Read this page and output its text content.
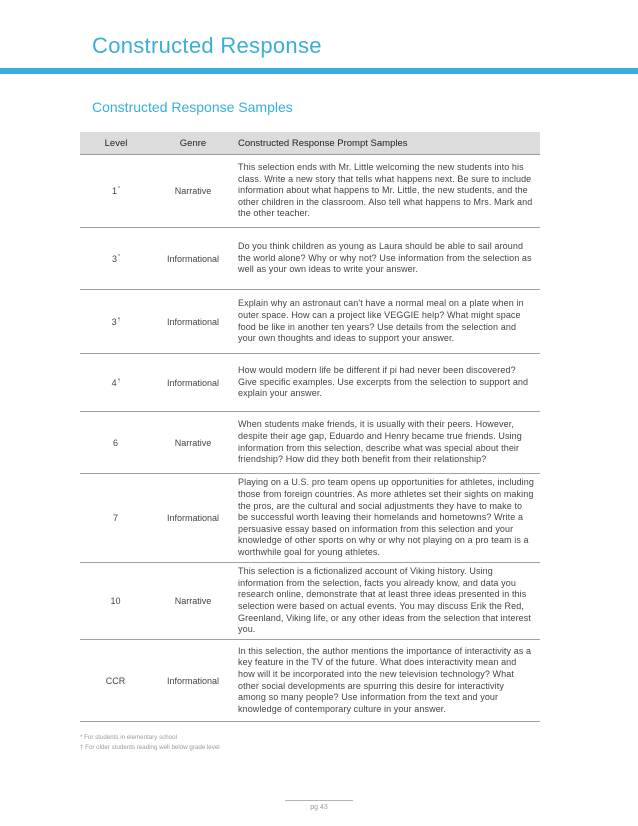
Constructed Response
Constructed Response Samples
Level	Genre	Constructed Response Prompt Samples
1*	Narrative	This selection ends with Mr. Little welcoming the new students into his class. Write a new story that tells what happens next. Be sure to include information about what happens to Mr. Little, the new students, and the other children in the classroom. Also tell what happens to Mrs. Mark and the other teacher.
3*	Informational	Do you think children as young as Laura should be able to sail around the world alone? Why or why not? Use information from the selection as well as your own ideas to write your answer.
3†	Informational	Explain why an astronaut can't have a normal meal on a plate when in outer space. How can a project like VEGGIE help? What might space food be like in another ten years? Use details from the selection and your own thoughts and ideas to support your answer.
4†	Informational	How would modern life be different if pi had never been discovered? Give specific examples. Use excerpts from the selection to support and explain your answer.
6	Narrative	When students make friends, it is usually with their peers. However, despite their age gap, Eduardo and Henry became true friends. Using information from this selection, describe what was special about their friendship? How did they both benefit from their relationship?
7	Informational	Playing on a U.S. pro team opens up opportunities for athletes, including those from foreign countries. As more athletes set their sights on making the pros, are the cultural and social adjustments they have to make to be successful worth leaving their homelands and hometowns? Write a persuasive essay based on information from this selection and your knowledge of other sports on why or why not playing on a pro team is a worthwhile goal for young athletes.
10	Narrative	This selection is a fictionalized account of Viking history. Using information from the selection, facts you already know, and data you research online, demonstrate that at least three ideas presented in this selection were based on actual events. You may discuss Erik the Red, Greenland, Viking life, or any other ideas from the selection that interest you.
CCR	Informational	In this selection, the author mentions the importance of interactivity as a key feature in the TV of the future. What does interactivity mean and how will it be incorporated into the new television technology? What other social developments are spurring this desire for interactivity among so many people? Use information from the text and your knowledge of contemporary culture in your answer.
* For students in elementary school
† For older students reading well below grade level
pg 43
